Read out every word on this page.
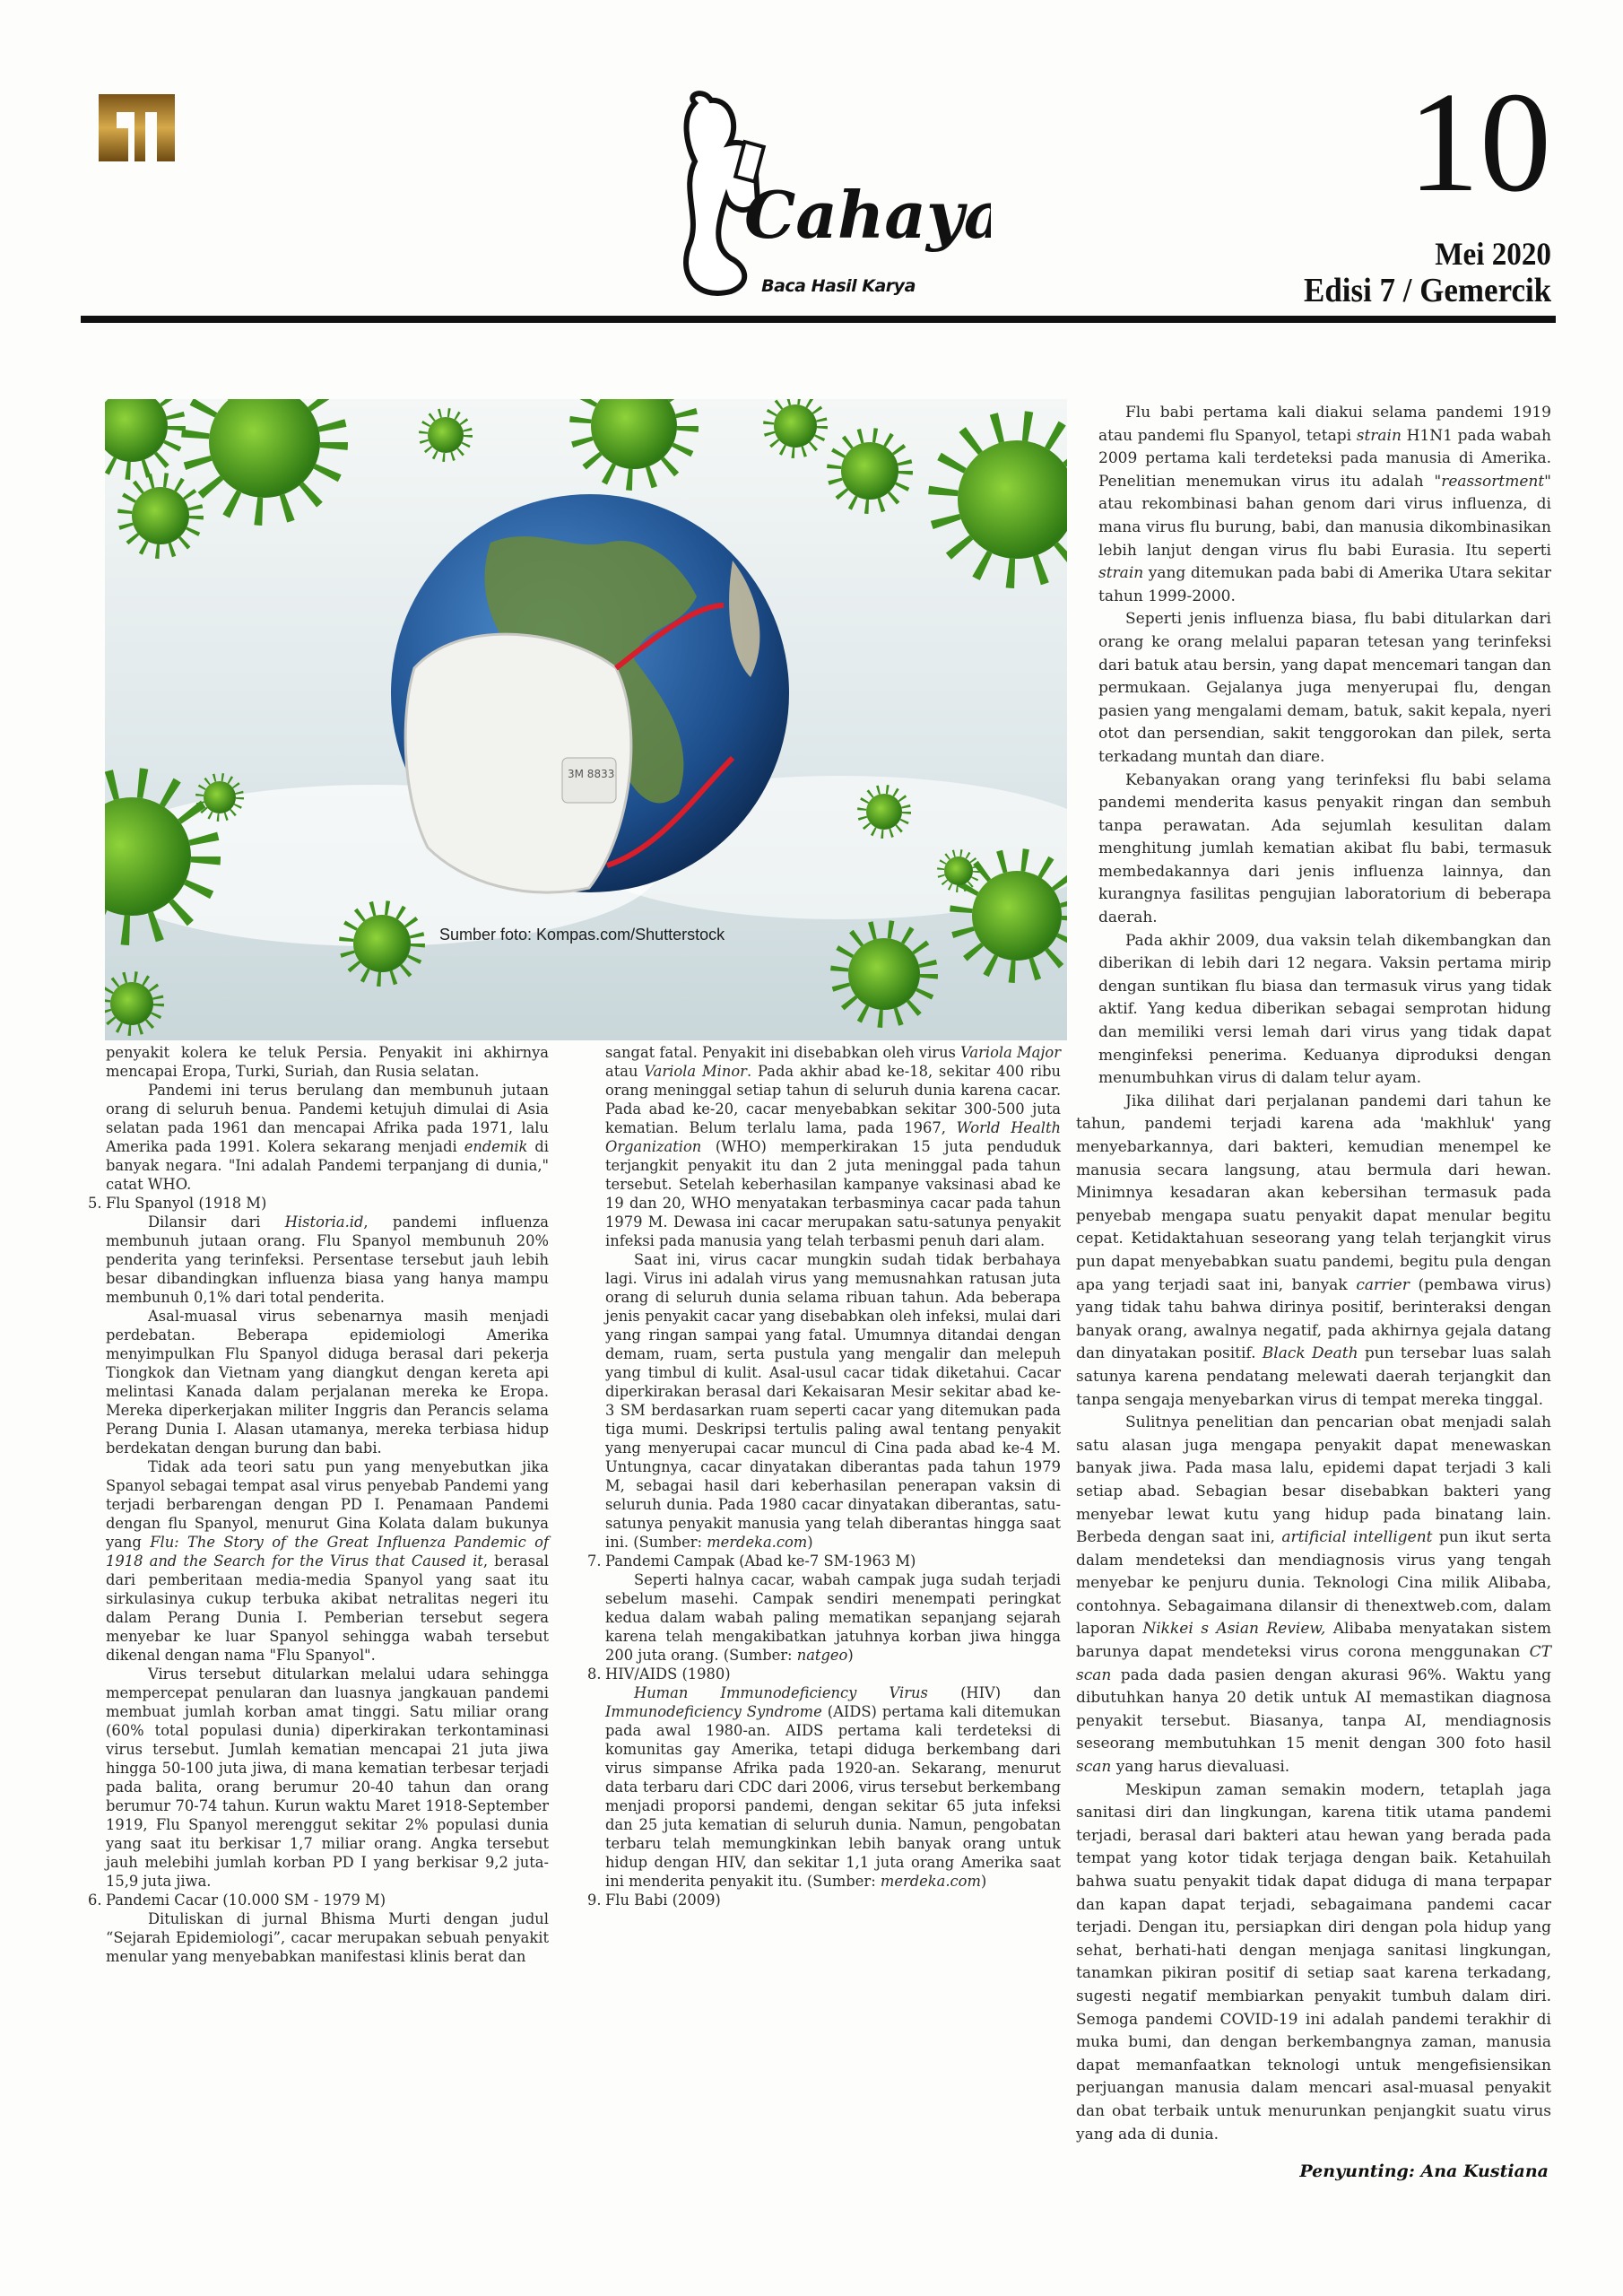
Cahaya
Baca Hasil Karya
10
Mei 2020
Edisi 7 / Gemercik
3M 8833
Sumber foto: Kompas.com/Shutterstock

penyakit kolera ke teluk Persia. Penyakit ini akhirnya mencapai Eropa, Turki, Suriah, dan Rusia selatan.

Pandemi ini terus berulang dan membunuh jutaan orang di seluruh benua. Pandemi ketujuh dimulai di Asia selatan pada 1961 dan mencapai Afrika pada 1971, lalu Amerika pada 1991. Kolera sekarang menjadi endemik di banyak negara. "Ini adalah Pandemi terpanjang di dunia," catat WHO.

5. Flu Spanyol (1918 M)

Dilansir dari Historia.id, pandemi influenza membunuh jutaan orang. Flu Spanyol membunuh 20% penderita yang terinfeksi. Persentase tersebut jauh lebih besar dibandingkan influenza biasa yang hanya mampu membunuh 0,1% dari total penderita.

Asal-muasal virus sebenarnya masih menjadi perdebatan. Beberapa epidemiologi Amerika menyimpulkan Flu Spanyol diduga berasal dari pekerja Tiongkok dan Vietnam yang diangkut dengan kereta api melintasi Kanada dalam perjalanan mereka ke Eropa. Mereka diperkerjakan militer Inggris dan Perancis selama Perang Dunia I. Alasan utamanya, mereka terbiasa hidup berdekatan dengan burung dan babi.

Tidak ada teori satu pun yang menyebutkan jika Spanyol sebagai tempat asal virus penyebab Pandemi yang terjadi berbarengan dengan PD I. Penamaan Pandemi dengan flu Spanyol, menurut Gina Kolata dalam bukunya yang Flu: The Story of the Great Influenza Pandemic of 1918 and the Search for the Virus that Caused it, berasal dari pemberitaan media-media Spanyol yang saat itu sirkulasinya cukup terbuka akibat netralitas negeri itu dalam Perang Dunia I. Pemberian tersebut segera menyebar ke luar Spanyol sehingga wabah tersebut dikenal dengan nama "Flu Spanyol".

Virus tersebut ditularkan melalui udara sehingga mempercepat penularan dan luasnya jangkauan pandemi membuat jumlah korban amat tinggi. Satu miliar orang (60% total populasi dunia) diperkirakan terkontaminasi virus tersebut. Jumlah kematian mencapai 21 juta jiwa hingga 50-100 juta jiwa, di mana kematian terbesar terjadi pada balita, orang berumur 20-40 tahun dan orang berumur 70-74 tahun. Kurun waktu Maret 1918-September 1919, Flu Spanyol merenggut sekitar 2% populasi dunia yang saat itu berkisar 1,7 miliar orang. Angka tersebut jauh melebihi jumlah korban PD I yang berkisar 9,2 juta-15,9 juta jiwa.

6. Pandemi Cacar (10.000 SM - 1979 M)

Dituliskan di jurnal Bhisma Murti dengan judul “Sejarah Epidemiologi”, cacar merupakan sebuah penyakit menular yang menyebabkan manifestasi klinis berat dan

sangat fatal. Penyakit ini disebabkan oleh virus Variola Major atau Variola Minor. Pada akhir abad ke-18, sekitar 400 ribu orang meninggal setiap tahun di seluruh dunia karena cacar. Pada abad ke-20, cacar menyebabkan sekitar 300-500 juta kematian. Belum terlalu lama, pada 1967, World Health Organization (WHO) memperkirakan 15 juta penduduk terjangkit penyakit itu dan 2 juta meninggal pada tahun tersebut. Setelah keberhasilan kampanye vaksinasi abad ke 19 dan 20, WHO menyatakan terbasminya cacar pada tahun 1979 M. Dewasa ini cacar merupakan satu-satunya penyakit infeksi pada manusia yang telah terbasmi penuh dari alam.

Saat ini, virus cacar mungkin sudah tidak berbahaya lagi. Virus ini adalah virus yang memusnahkan ratusan juta orang di seluruh dunia selama ribuan tahun. Ada beberapa jenis penyakit cacar yang disebabkan oleh infeksi, mulai dari yang ringan sampai yang fatal. Umumnya ditandai dengan demam, ruam, serta pustula yang mengalir dan melepuh yang timbul di kulit. Asal-usul cacar tidak diketahui. Cacar diperkirakan berasal dari Kekaisaran Mesir sekitar abad ke-3 SM berdasarkan ruam seperti cacar yang ditemukan pada tiga mumi. Deskripsi tertulis paling awal tentang penyakit yang menyerupai cacar muncul di Cina pada abad ke-4 M. Untungnya, cacar dinyatakan diberantas pada tahun 1979 M, sebagai hasil dari keberhasilan penerapan vaksin di seluruh dunia. Pada 1980 cacar dinyatakan diberantas, satu-satunya penyakit manusia yang telah diberantas hingga saat ini. (Sumber: merdeka.com)

7. Pandemi Campak (Abad ke-7 SM-1963 M)

Seperti halnya cacar, wabah campak juga sudah terjadi sebelum masehi. Campak sendiri menempati peringkat kedua dalam wabah paling mematikan sepanjang sejarah karena telah mengakibatkan jatuhnya korban jiwa hingga 200 juta orang. (Sumber: natgeo)

8. HIV/AIDS (1980)

Human Immunodeficiency Virus (HIV) dan Immunodeficiency Syndrome (AIDS) pertama kali ditemukan pada awal 1980-an. AIDS pertama kali terdeteksi di komunitas gay Amerika, tetapi diduga berkembang dari virus simpanse Afrika pada 1920-an. Sekarang, menurut data terbaru dari CDC dari 2006, virus tersebut berkembang menjadi proporsi pandemi, dengan sekitar 65 juta infeksi dan 25 juta kematian di seluruh dunia. Namun, pengobatan terbaru telah memungkinkan lebih banyak orang untuk hidup dengan HIV, dan sekitar 1,1 juta orang Amerika saat ini menderita penyakit itu. (Sumber: merdeka.com)

9. Flu Babi (2009)

Flu babi pertama kali diakui selama pandemi 1919 atau pandemi flu Spanyol, tetapi strain H1N1 pada wabah 2009 pertama kali terdeteksi pada manusia di Amerika. Penelitian menemukan virus itu adalah "reassortment" atau rekombinasi bahan genom dari virus influenza, di mana virus flu burung, babi, dan manusia dikombinasikan lebih lanjut dengan virus flu babi Eurasia. Itu seperti strain yang ditemukan pada babi di Amerika Utara sekitar tahun 1999-2000.

Seperti jenis influenza biasa, flu babi ditularkan dari orang ke orang melalui paparan tetesan yang terinfeksi dari batuk atau bersin, yang dapat mencemari tangan dan permukaan. Gejalanya juga menyerupai flu, dengan pasien yang mengalami demam, batuk, sakit kepala, nyeri otot dan persendian, sakit tenggorokan dan pilek, serta terkadang muntah dan diare.

Kebanyakan orang yang terinfeksi flu babi selama pandemi menderita kasus penyakit ringan dan sembuh tanpa perawatan. Ada sejumlah kesulitan dalam menghitung jumlah kematian akibat flu babi, termasuk membedakannya dari jenis influenza lainnya, dan kurangnya fasilitas pengujian laboratorium di beberapa daerah.

Pada akhir 2009, dua vaksin telah dikembangkan dan diberikan di lebih dari 12 negara. Vaksin pertama mirip dengan suntikan flu biasa dan termasuk virus yang tidak aktif. Yang kedua diberikan sebagai semprotan hidung dan memiliki versi lemah dari virus yang tidak dapat menginfeksi penerima. Keduanya diproduksi dengan menumbuhkan virus di dalam telur ayam.

Jika dilihat dari perjalanan pandemi dari tahun ke tahun, pandemi terjadi karena ada 'makhluk' yang menyebarkannya, dari bakteri, kemudian menempel ke manusia secara langsung, atau bermula dari hewan. Minimnya kesadaran akan kebersihan termasuk pada penyebab mengapa suatu penyakit dapat menular begitu cepat. Ketidaktahuan seseorang yang telah terjangkit virus pun dapat menyebabkan suatu pandemi, begitu pula dengan apa yang terjadi saat ini, banyak carrier (pembawa virus) yang tidak tahu bahwa dirinya positif, berinteraksi dengan banyak orang, awalnya negatif, pada akhirnya gejala datang dan dinyatakan positif. Black Death pun tersebar luas salah satunya karena pendatang melewati daerah terjangkit dan tanpa sengaja menyebarkan virus di tempat mereka tinggal.

Sulitnya penelitian dan pencarian obat menjadi salah satu alasan juga mengapa penyakit dapat menewaskan banyak jiwa. Pada masa lalu, epidemi dapat terjadi 3 kali setiap abad. Sebagian besar disebabkan bakteri yang menyebar lewat kutu yang hidup pada binatang lain. Berbeda dengan saat ini, artificial intelligent pun ikut serta dalam mendeteksi dan mendiagnosis virus yang tengah menyebar ke penjuru dunia. Teknologi Cina milik Alibaba, contohnya. Sebagaimana dilansir di thenextweb.com, dalam laporan Nikkei s Asian Review, Alibaba menyatakan sistem barunya dapat mendeteksi virus corona menggunakan CT scan pada dada pasien dengan akurasi 96%. Waktu yang dibutuhkan hanya 20 detik untuk AI memastikan diagnosa penyakit tersebut. Biasanya, tanpa AI, mendiagnosis seseorang membutuhkan 15 menit dengan 300 foto hasil scan yang harus dievaluasi.

Meskipun zaman semakin modern, tetaplah jaga sanitasi diri dan lingkungan, karena titik utama pandemi terjadi, berasal dari bakteri atau hewan yang berada pada tempat yang kotor tidak terjaga dengan baik. Ketahuilah bahwa suatu penyakit tidak dapat diduga di mana terpapar dan kapan dapat terjadi, sebagaimana pandemi cacar terjadi. Dengan itu, persiapkan diri dengan pola hidup yang sehat, berhati-hati dengan menjaga sanitasi lingkungan, tanamkan pikiran positif di setiap saat karena terkadang, sugesti negatif membiarkan penyakit tumbuh dalam diri. Semoga pandemi COVID-19 ini adalah pandemi terakhir di muka bumi, dan dengan berkembangnya zaman, manusia dapat memanfaatkan teknologi untuk mengefisiensikan perjuangan manusia dalam mencari asal-muasal penyakit dan obat terbaik untuk menurunkan penjangkit suatu virus yang ada di dunia.

Penyunting: Ana Kustiana
